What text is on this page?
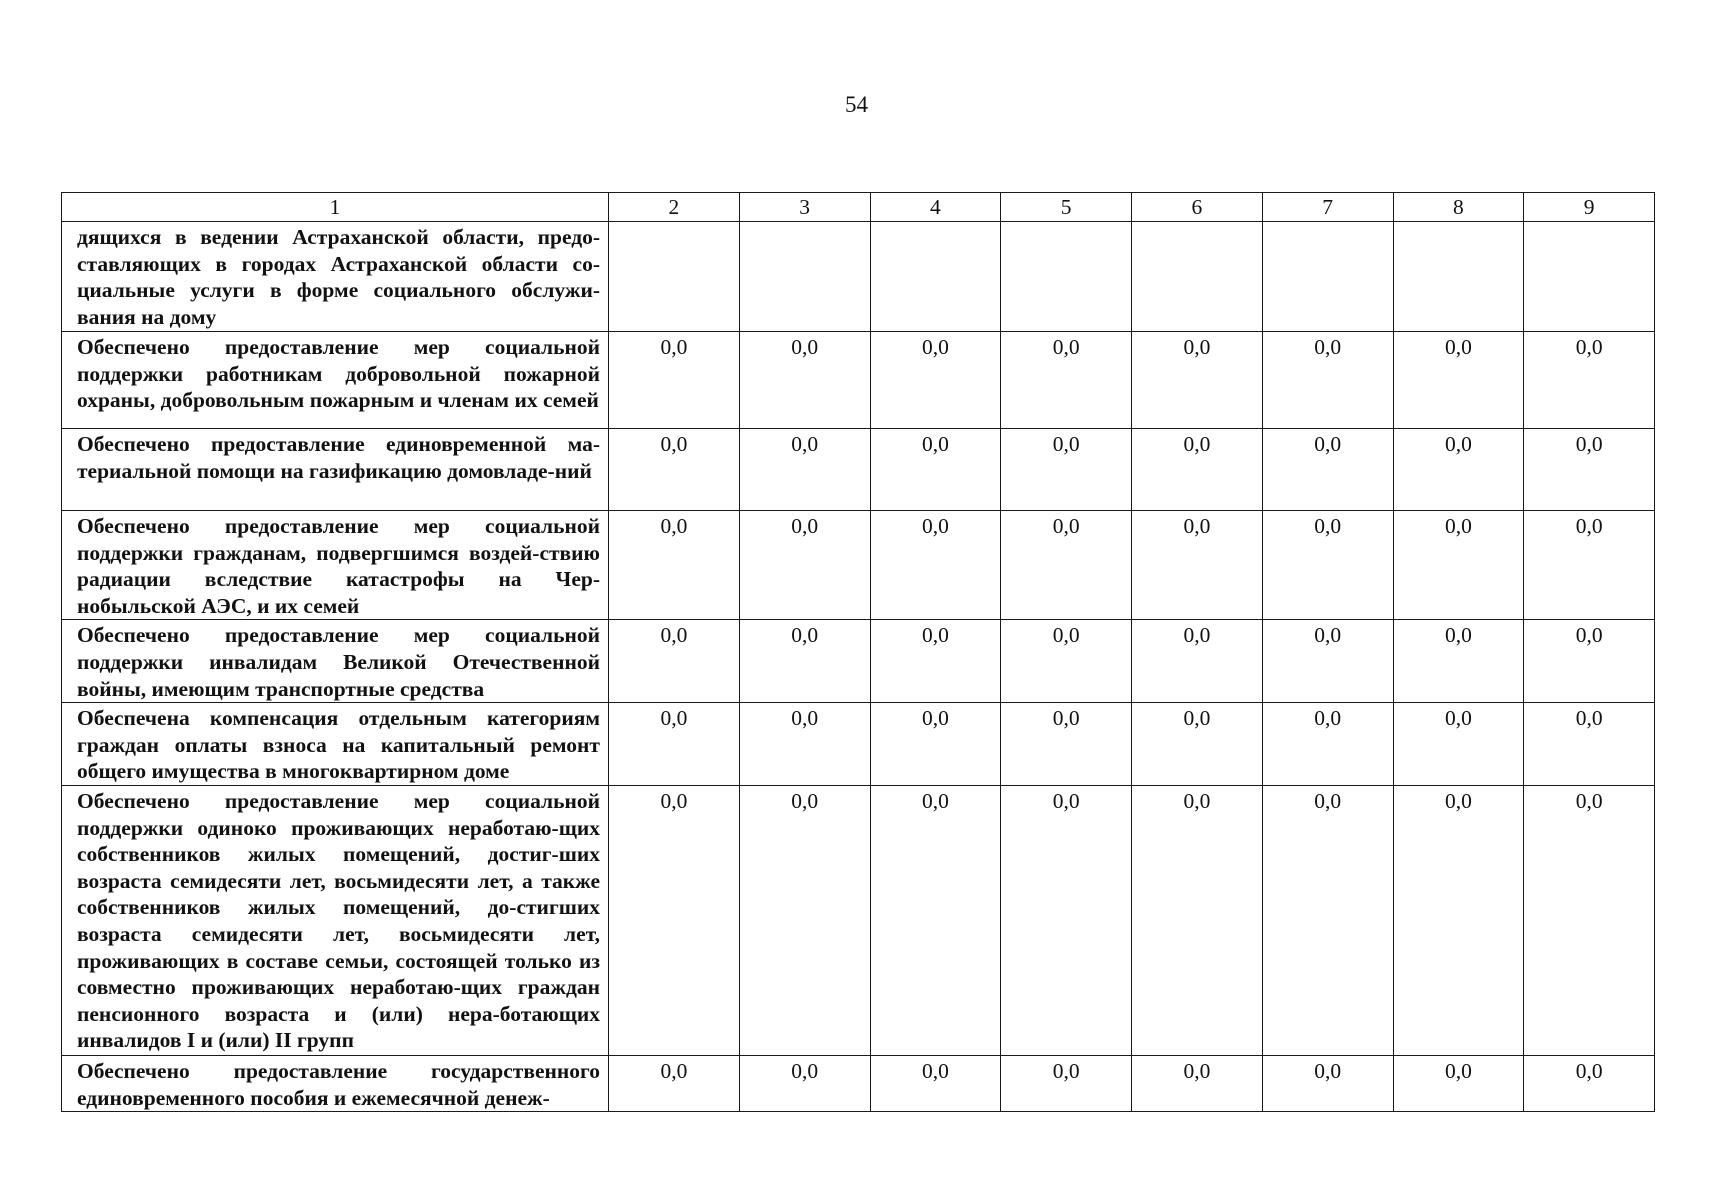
54
1	2	3	4	5	6	7	8	9
дящихся в ведении Астраханской области, предо-ставляющих в городах Астраханской области со-циальные услуги в форме социального обслужи-вания на дому								
Обеспечено предоставление мер социальной поддержки работникам добровольной пожарной охраны, добровольным пожарным и членам их семей	0,0	0,0	0,0	0,0	0,0	0,0	0,0	0,0
Обеспечено предоставление единовременной ма-териальной помощи на газификацию домовладе-ний	0,0	0,0	0,0	0,0	0,0	0,0	0,0	0,0
Обеспечено предоставление мер социальной поддержки гражданам, подвергшимся воздей-ствию радиации вследствие катастрофы на Чер-нобыльской АЭС, и их семей	0,0	0,0	0,0	0,0	0,0	0,0	0,0	0,0
Обеспечено предоставление мер социальной поддержки инвалидам Великой Отечественной войны, имеющим транспортные средства	0,0	0,0	0,0	0,0	0,0	0,0	0,0	0,0
Обеспечена компенсация отдельным категориям граждан оплаты взноса на капитальный ремонт общего имущества в многоквартирном доме	0,0	0,0	0,0	0,0	0,0	0,0	0,0	0,0
Обеспечено предоставление мер социальной поддержки одиноко проживающих неработаю-щих собственников жилых помещений, достиг-ших возраста семидесяти лет, восьмидесяти лет, а также собственников жилых помещений, до-стигших возраста семидесяти лет, восьмидесяти лет, проживающих в составе семьи, состоящей только из совместно проживающих неработаю-щих граждан пенсионного возраста и (или) нера-ботающих инвалидов I и (или) II групп	0,0	0,0	0,0	0,0	0,0	0,0	0,0	0,0
Обеспечено предоставление государственного единовременного пособия и ежемесячной денеж-	0,0	0,0	0,0	0,0	0,0	0,0	0,0	0,0
